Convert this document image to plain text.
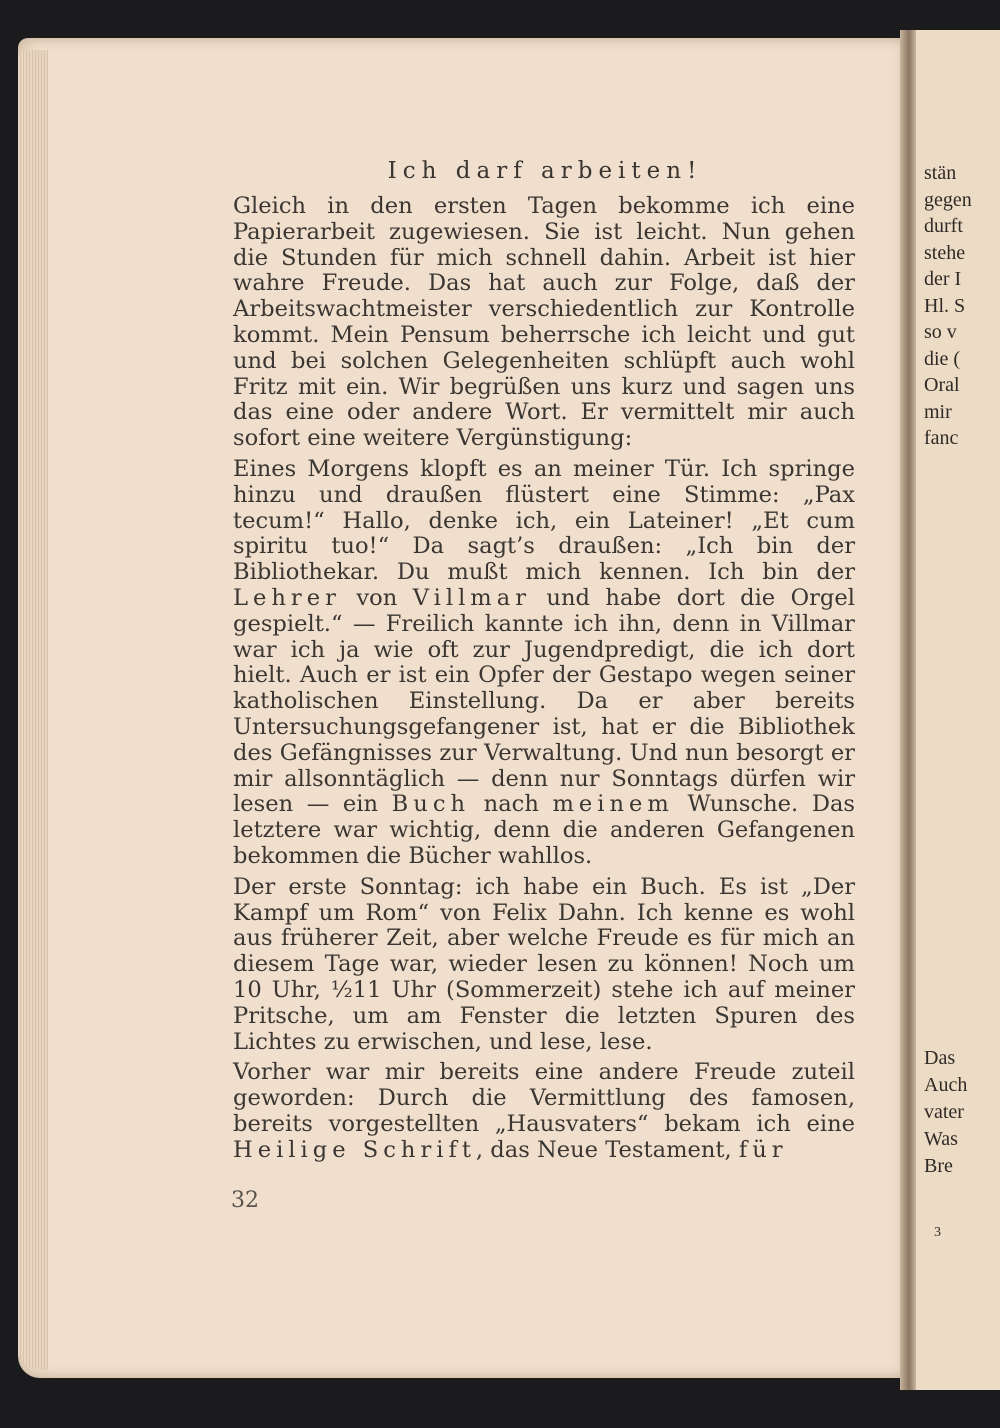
stän
gegen
durft
stehe
der I
Hl. S
so v
die (
Oral
mir
fanc
Das
Auch
vater
Was
Bre
3
Ich darf arbeiten!

Gleich in den ersten Tagen bekomme ich eine Papierarbeit zugewiesen. Sie ist leicht. Nun gehen die Stunden für mich schnell dahin. Arbeit ist hier wahre Freude. Das hat auch zur Folge, daß der Arbeitswachtmeister verschiedentlich zur Kontrolle kommt. Mein Pensum beherrsche ich leicht und gut und bei solchen Gelegenheiten schlüpft auch wohl Fritz mit ein. Wir begrüßen uns kurz und sagen uns das eine oder andere Wort. Er vermittelt mir auch sofort eine weitere Vergünstigung:

Eines Morgens klopft es an meiner Tür. Ich springe hinzu und draußen flüstert eine Stimme: „Pax tecum!“ Hallo, denke ich, ein Lateiner! „Et cum spiritu tuo!“ Da sagt’s draußen: „Ich bin der Bibliothekar. Du mußt mich kennen. Ich bin der Lehrer von Villmar und habe dort die Orgel gespielt.“ — Freilich kannte ich ihn, denn in Villmar war ich ja wie oft zur Jugendpredigt, die ich dort hielt. Auch er ist ein Opfer der Gestapo wegen seiner katholischen Einstellung. Da er aber bereits Untersuchungsgefangener ist, hat er die Bibliothek des Gefängnisses zur Verwaltung. Und nun besorgt er mir allsonntäglich — denn nur Sonntags dürfen wir lesen — ein Buch nach meinem Wunsche. Das letztere war wichtig, denn die anderen Gefangenen bekommen die Bücher wahllos.

Der erste Sonntag: ich habe ein Buch. Es ist „Der Kampf um Rom“ von Felix Dahn. Ich kenne es wohl aus früherer Zeit, aber welche Freude es für mich an diesem Tage war, wieder lesen zu können! Noch um 10 Uhr, ½11 Uhr (Sommerzeit) stehe ich auf meiner Pritsche, um am Fenster die letzten Spuren des Lichtes zu erwischen, und lese, lese.

Vorher war mir bereits eine andere Freude zuteil geworden: Durch die Vermittlung des famosen, bereits vorgestellten „Hausvaters“ bekam ich eine Heilige Schrift, das Neue Testament, für

32
